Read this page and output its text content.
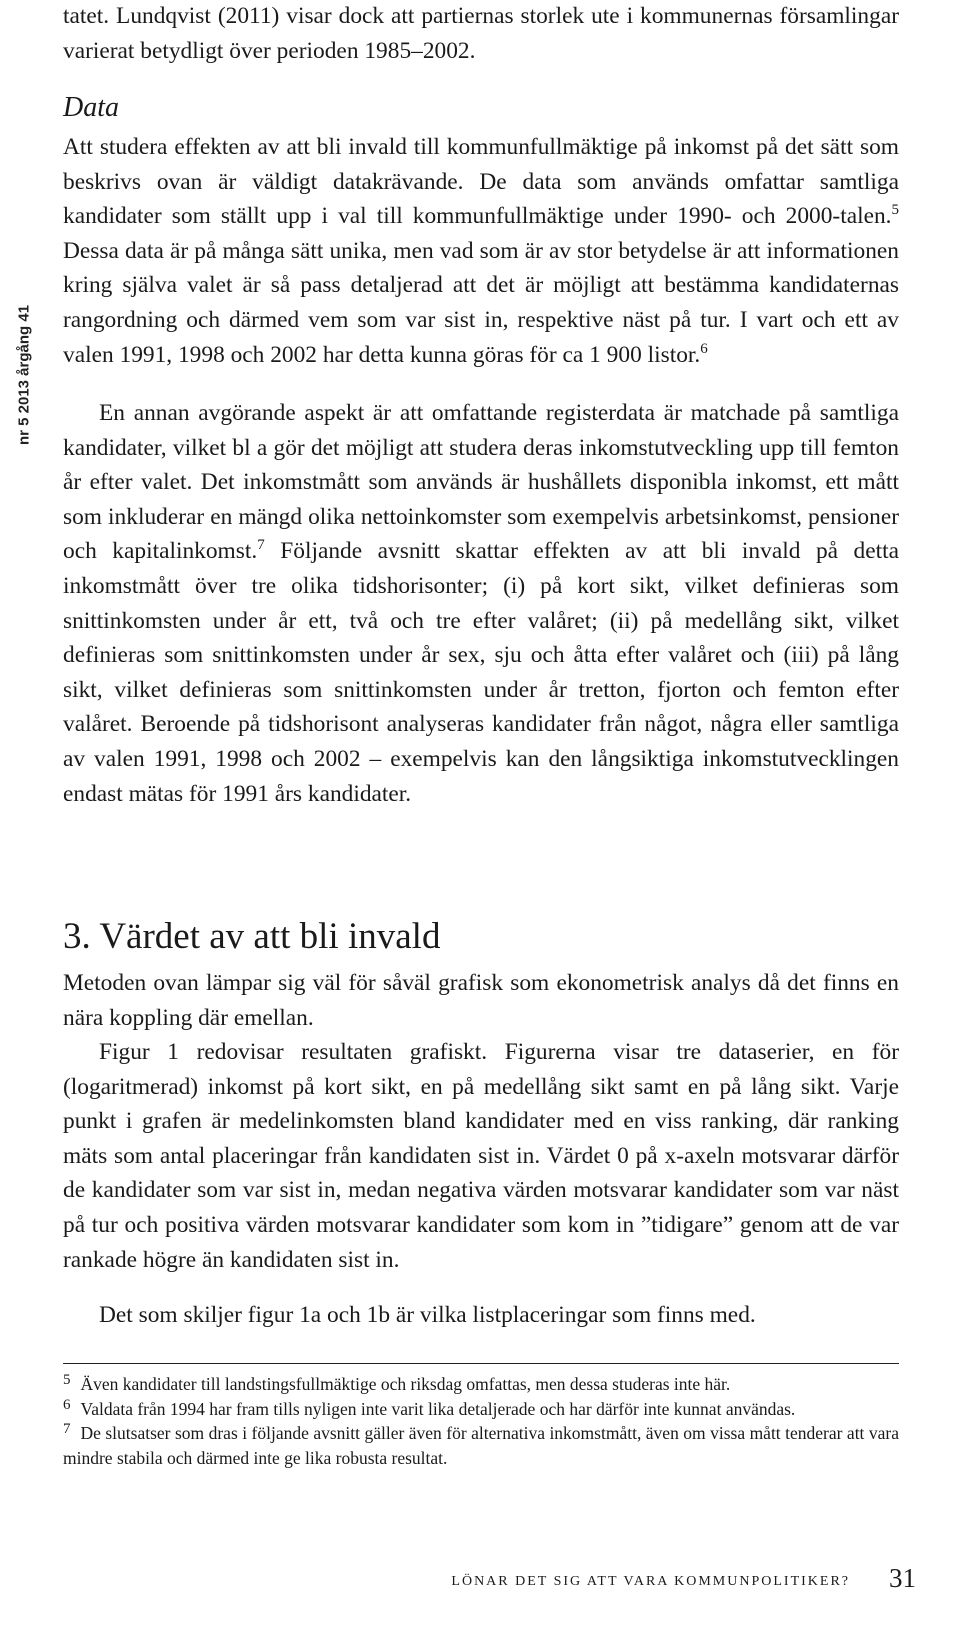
nr 5 2013 årgång 41

tatet. Lundqvist (2011) visar dock att partiernas storlek ute i kommunernas församlingar varierat betydligt över perioden 1985–2002.

Data

Att studera effekten av att bli invald till kommunfullmäktige på inkomst på det sätt som beskrivs ovan är väldigt datakrävande. De data som används omfattar samtliga kandidater som ställt upp i val till kommunfullmäktige under 1990- och 2000-talen.$^5$ Dessa data är på många sätt unika, men vad som är av stor betydelse är att informationen kring själva valet är så pass detaljerad att det är möjligt att bestämma kandidaternas rangordning och därmed vem som var sist in, respektive näst på tur. I vart och ett av valen 1991, 1998 och 2002 har detta kunna göras för ca 1 900 listor.$^6$

En annan avgörande aspekt är att omfattande registerdata är matchade på samtliga kandidater, vilket bl a gör det möjligt att studera deras inkomstutveckling upp till femton år efter valet. Det inkomstmått som används är hushållets disponibla inkomst, ett mått som inkluderar en mängd olika nettoinkomster som exempelvis arbetsinkomst, pensioner och kapitalinkomst.$^7$ Följande avsnitt skattar effekten av att bli invald på detta inkomstmått över tre olika tidshorisonter; (i) på kort sikt, vilket definieras som snittinkomsten under år ett, två och tre efter valåret; (ii) på medellång sikt, vilket definieras som snittinkomsten under år sex, sju och åtta efter valåret och (iii) på lång sikt, vilket definieras som snittinkomsten under år tretton, fjorton och femton efter valåret. Beroende på tidshorisont analyseras kandidater från något, några eller samtliga av valen 1991, 1998 och 2002 – exempelvis kan den långsiktiga inkomstutvecklingen endast mätas för 1991 års kandidater.

3. Värdet av att bli invald

Metoden ovan lämpar sig väl för såväl grafisk som ekonometrisk analys då det finns en nära koppling där emellan.

Figur 1 redovisar resultaten grafiskt. Figurerna visar tre dataserier, en för (logaritmerad) inkomst på kort sikt, en på medellång sikt samt en på lång sikt. Varje punkt i grafen är medelinkomsten bland kandidater med en viss ranking, där ranking mäts som antal placeringar från kandidaten sist in. Värdet 0 på x-axeln motsvarar därför de kandidater som var sist in, medan negativa värden motsvarar kandidater som var näst på tur och positiva värden motsvarar kandidater som kom in ”tidigare” genom att de var rankade högre än kandidaten sist in.

Det som skiljer figur 1a och 1b är vilka listplaceringar som finns med.

$^5$ Även kandidater till landstingsfullmäktige och riksdag omfattas, men dessa studeras inte här.

$^6$ Valdata från 1994 har fram tills nyligen inte varit lika detaljerade och har därför inte kunnat användas.

$^7$ De slutsatser som dras i följande avsnitt gäller även för alternativa inkomstmått, även om vissa mått tenderar att vara mindre stabila och därmed inte ge lika robusta resultat.

LÖNAR DET SIG ATT VARA KOMMUNPOLITIKER? 31
